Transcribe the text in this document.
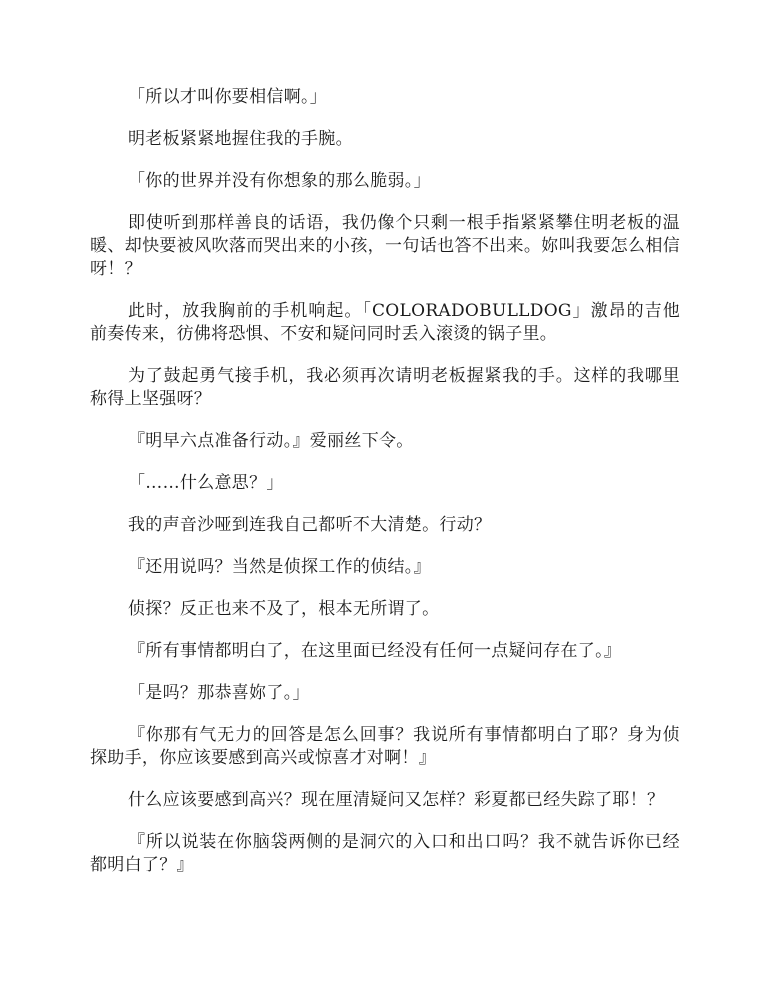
「所以才叫你要相信啊。」

明老板紧紧地握住我的手腕。

「你的世界并没有你想象的那么脆弱。」

即使听到那样善良的话语，我仍像个只剩一根手指紧紧攀住明老板的温暖、却快要被风吹落而哭出来的小孩，一句话也答不出来。妳叫我要怎么相信呀！？

此时，放我胸前的手机响起。「COLORADOBULLDOG」激昂的吉他前奏传来，彷佛将恐惧、不安和疑问同时丢入滚烫的锅子里。

为了鼓起勇气接手机，我必须再次请明老板握紧我的手。这样的我哪里称得上坚强呀？

『明早六点准备行动。』爱丽丝下令。

「……什么意思？」

我的声音沙哑到连我自己都听不大清楚。行动？

『还用说吗？当然是侦探工作的侦结。』

侦探？反正也来不及了，根本无所谓了。

『所有事情都明白了，在这里面已经没有任何一点疑问存在了。』

「是吗？那恭喜妳了。」

『你那有气无力的回答是怎么回事？我说所有事情都明白了耶？身为侦探助手，你应该要感到高兴或惊喜才对啊！』

什么应该要感到高兴？现在厘清疑问又怎样？彩夏都已经失踪了耶！？

『所以说装在你脑袋两侧的是洞穴的入口和出口吗？我不就告诉你已经都明白了？』
